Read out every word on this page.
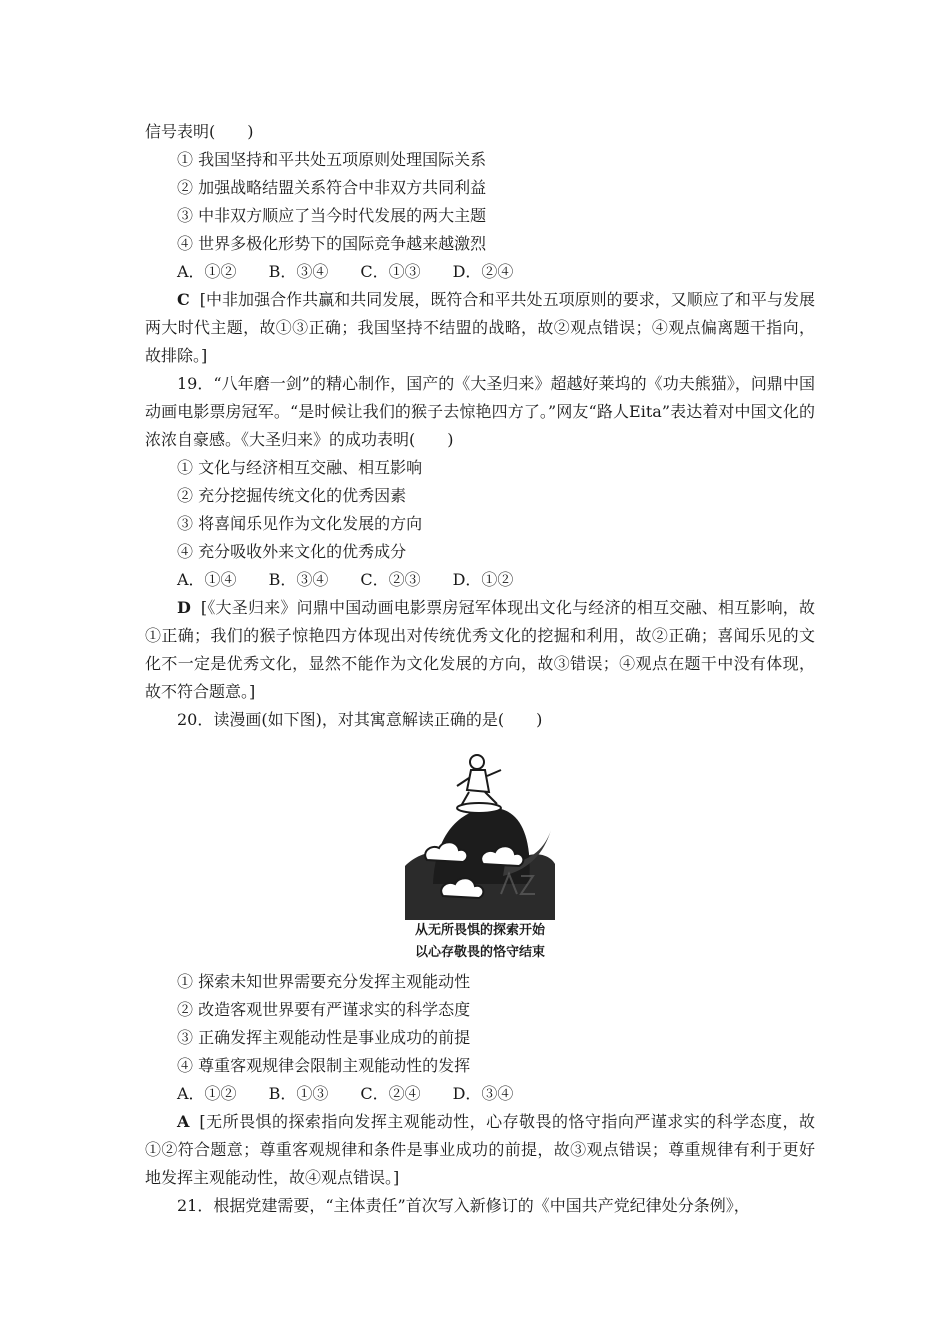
信号表明(　　)
① 我国坚持和平共处五项原则处理国际关系
② 加强战略结盟关系符合中非双方共同利益
③ 中非双方顺应了当今时代发展的两大主题
④ 世界多极化形势下的国际竞争越来越激烈
A．①② B．③④ C．①③ D．②④
C [中非加强合作共赢和共同发展，既符合和平共处五项原则的要求，又顺应了和平与发展两大时代主题，故①③正确；我国坚持不结盟的战略，故②观点错误；④观点偏离题干指向，故排除。]
19．“八年磨一剑”的精心制作，国产的《大圣归来》超越好莱坞的《功夫熊猫》，问鼎中国动画电影票房冠军。“是时候让我们的猴子去惊艳四方了。”网友“路人Eita”表达着对中国文化的浓浓自豪感。《大圣归来》的成功表明(　　)
① 文化与经济相互交融、相互影响
② 充分挖掘传统文化的优秀因素
③ 将喜闻乐见作为文化发展的方向
④ 充分吸收外来文化的优秀成分
A．①④ B．③④ C．②③ D．①②
D [《大圣归来》问鼎中国动画电影票房冠军体现出文化与经济的相互交融、相互影响，故①正确；我们的猴子惊艳四方体现出对传统优秀文化的挖掘和利用，故②正确；喜闻乐见的文化不一定是优秀文化，显然不能作为文化发展的方向，故③错误；④观点在题干中没有体现，故不符合题意。]
20．读漫画(如下图)，对其寓意解读正确的是(　　)
从无所畏惧的探索开始
以心存敬畏的恪守结束
① 探索未知世界需要充分发挥主观能动性
② 改造客观世界要有严谨求实的科学态度
③ 正确发挥主观能动性是事业成功的前提
④ 尊重客观规律会限制主观能动性的发挥
A．①② B．①③ C．②④ D．③④
A [无所畏惧的探索指向发挥主观能动性，心存敬畏的恪守指向严谨求实的科学态度，故①②符合题意；尊重客观规律和条件是事业成功的前提，故③观点错误；尊重规律有利于更好地发挥主观能动性，故④观点错误。]
21．根据党建需要，“主体责任”首次写入新修订的《中国共产党纪律处分条例》，
